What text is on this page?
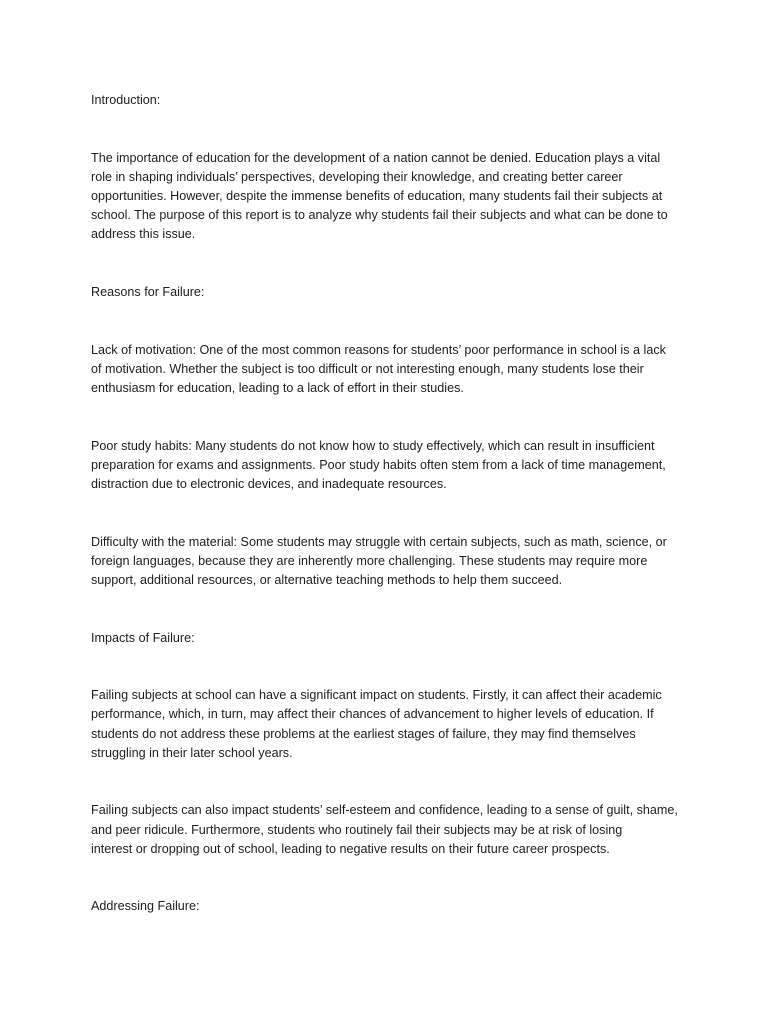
Introduction:

The importance of education for the development of a nation cannot be denied. Education plays a vital

role in shaping individuals’ perspectives, developing their knowledge, and creating better career

opportunities. However, despite the immense benefits of education, many students fail their subjects at

school. The purpose of this report is to analyze why students fail their subjects and what can be done to

address this issue.

Reasons for Failure:

Lack of motivation: One of the most common reasons for students’ poor performance in school is a lack

of motivation. Whether the subject is too difficult or not interesting enough, many students lose their

enthusiasm for education, leading to a lack of effort in their studies.

Poor study habits: Many students do not know how to study effectively, which can result in insufficient

preparation for exams and assignments. Poor study habits often stem from a lack of time management,

distraction due to electronic devices, and inadequate resources.

Difficulty with the material: Some students may struggle with certain subjects, such as math, science, or

foreign languages, because they are inherently more challenging. These students may require more

support, additional resources, or alternative teaching methods to help them succeed.

Impacts of Failure:

Failing subjects at school can have a significant impact on students. Firstly, it can affect their academic

performance, which, in turn, may affect their chances of advancement to higher levels of education. If

students do not address these problems at the earliest stages of failure, they may find themselves

struggling in their later school years.

Failing subjects can also impact students’ self-esteem and confidence, leading to a sense of guilt, shame,

and peer ridicule. Furthermore, students who routinely fail their subjects may be at risk of losing

interest or dropping out of school, leading to negative results on their future career prospects.

Addressing Failure:
